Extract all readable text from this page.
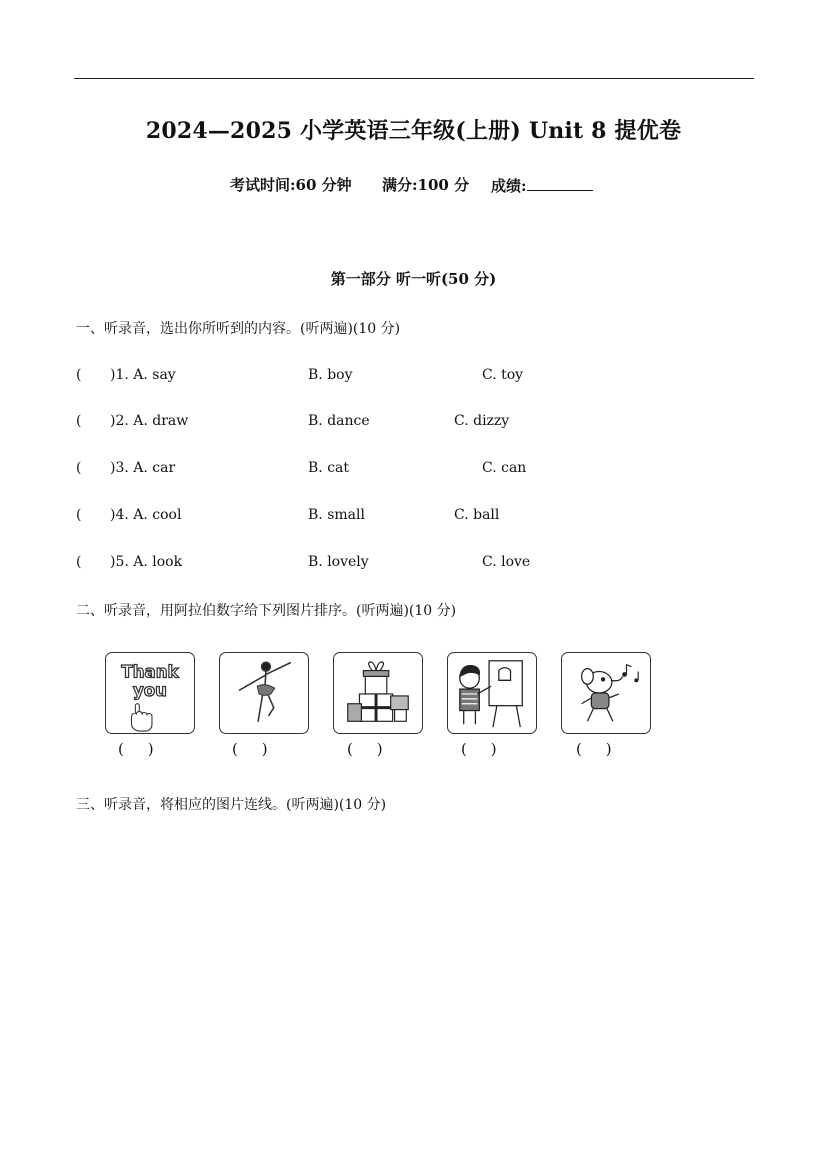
2024—2025 小学英语三年级(上册) Unit 8 提优卷
考试时间:60 分钟 满分:100 分 成绩:
第一部分 听一听(50 分)
一、听录音，选出你所听到的内容。(听两遍)(10 分)
( )1. A. say	B. boy	C. toy
( )2. A. draw	B. dance	C. dizzy
( )3. A. car	B. cat	C. can
( )4. A. cool	B. small	C. ball
( )5. A. look	B. lovely	C. love
二、听录音，用阿拉伯数字给下列图片排序。(听两遍)(10 分)
Thank
you
(     )	(     )	(     )	(     )	(     )
三、听录音，将相应的图片连线。(听两遍)(10 分)
